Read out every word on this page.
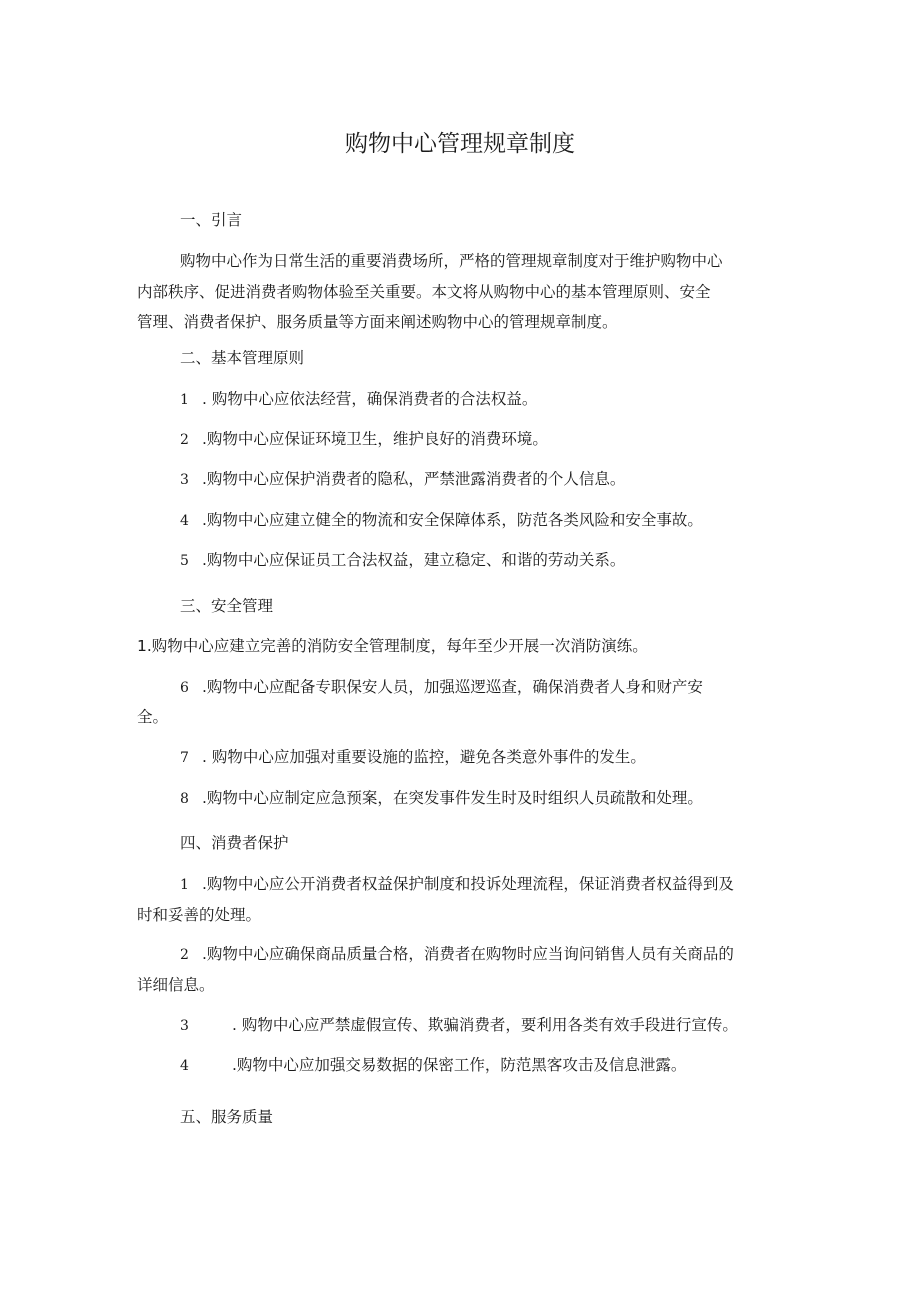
购物中心管理规章制度
一、引言
购物中心作为日常生活的重要消费场所，严格的管理规章制度对于维护购物中心
内部秩序、促进消费者购物体验至关重要。本文将从购物中心的基本管理原则、安全
管理、消费者保护、服务质量等方面来阐述购物中心的管理规章制度。
二、基本管理原则
1 . 购物中心应依法经营，确保消费者的合法权益。
2 .购物中心应保证环境卫生，维护良好的消费环境。
3 .购物中心应保护消费者的隐私，严禁泄露消费者的个人信息。
4 .购物中心应建立健全的物流和安全保障体系，防范各类风险和安全事故。
5 .购物中心应保证员工合法权益，建立稳定、和谐的劳动关系。
三、安全管理
1.购物中心应建立完善的消防安全管理制度，每年至少开展一次消防演练。
6 .购物中心应配备专职保安人员，加强巡逻巡查，确保消费者人身和财产安
全。
7 . 购物中心应加强对重要设施的监控，避免各类意外事件的发生。
8 .购物中心应制定应急预案，在突发事件发生时及时组织人员疏散和处理。
四、消费者保护
1 .购物中心应公开消费者权益保护制度和投诉处理流程，保证消费者权益得到及
时和妥善的处理。
2 .购物中心应确保商品质量合格，消费者在购物时应当询问销售人员有关商品的
详细信息。
3	. 购物中心应严禁虚假宣传、欺骗消费者，要利用各类有效手段进行宣传。
4	.购物中心应加强交易数据的保密工作，防范黑客攻击及信息泄露。
五、服务质量
